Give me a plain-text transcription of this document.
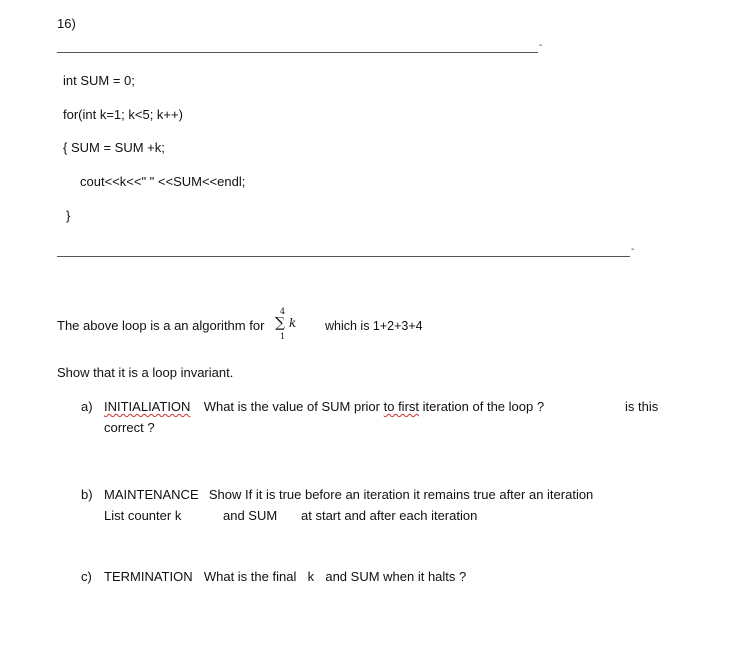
16)
-
int SUM = 0;
for(int k=1; k<5; k++)
{ SUM = SUM +k;
cout<<k<<" " <<SUM<<endl;
}
-
The above loop is a an algorithm for
4
∑ k
1
which is 1+2+3+4
Show that it is a loop invariant.
a) INITIALIATION What is the value of SUM prior to first iteration of the loop ?	is this
correct ?
b) MAINTENANCE Show If it is true before an iteration it remains true after an iteration
List counter k	and SUM at start and after each iteration
c) TERMINATION What is the final k and SUM when it halts ?
